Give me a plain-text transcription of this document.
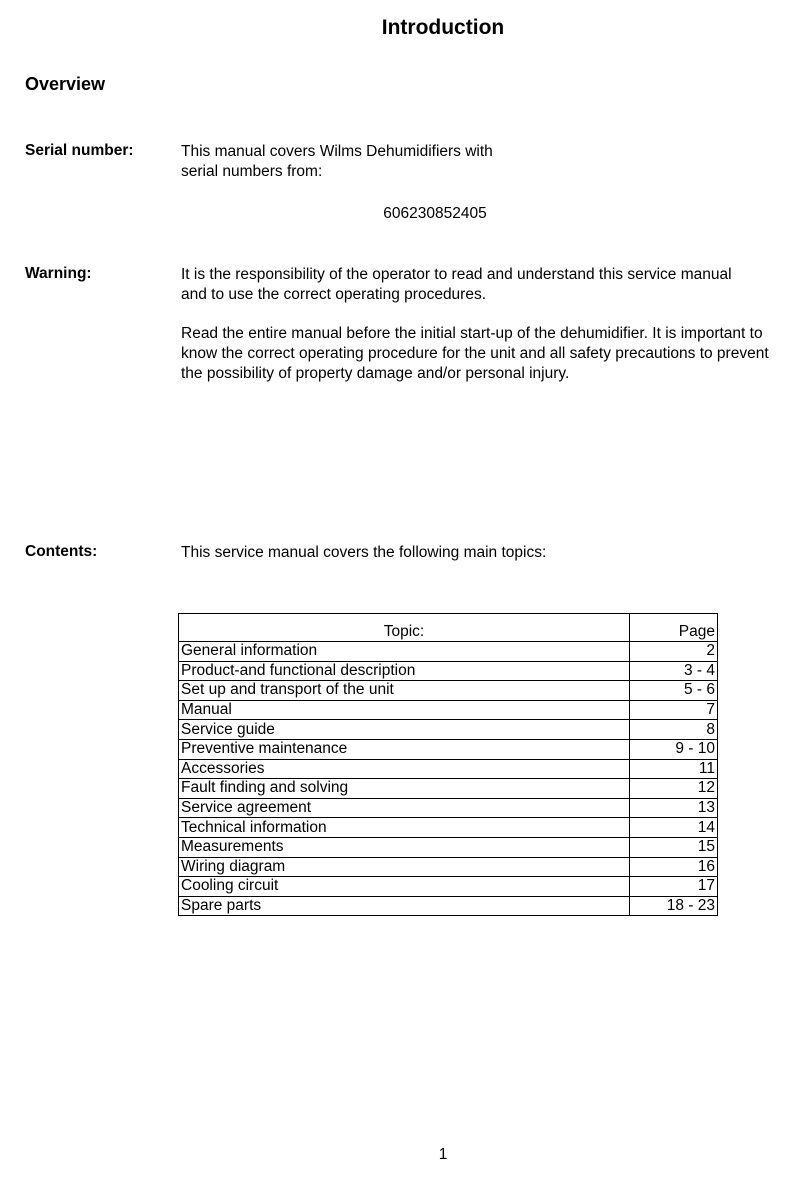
Introduction
Overview
Serial number:	This manual covers Wilms Dehumidifiers with
serial numbers from:
606230852405
Warning:	It is the responsibility of the operator to read and understand this service manual
and to use the correct operating procedures.
Read the entire manual before the initial start-up of the dehumidifier. It is important to
know the correct operating procedure for the unit and all safety precautions to prevent
the possibility of property damage and/or personal injury.
Contents:	This service manual covers the following main topics:
Topic:	Page
General information	2
Product-and functional description	3 - 4
Set up and transport of the unit	5 - 6
Manual	7
Service guide	8
Preventive maintenance	9 - 10
Accessories	11
Fault finding and solving	12
Service agreement	13
Technical information	14
Measurements	15
Wiring diagram	16
Cooling circuit	17
Spare parts	18 - 23
1
